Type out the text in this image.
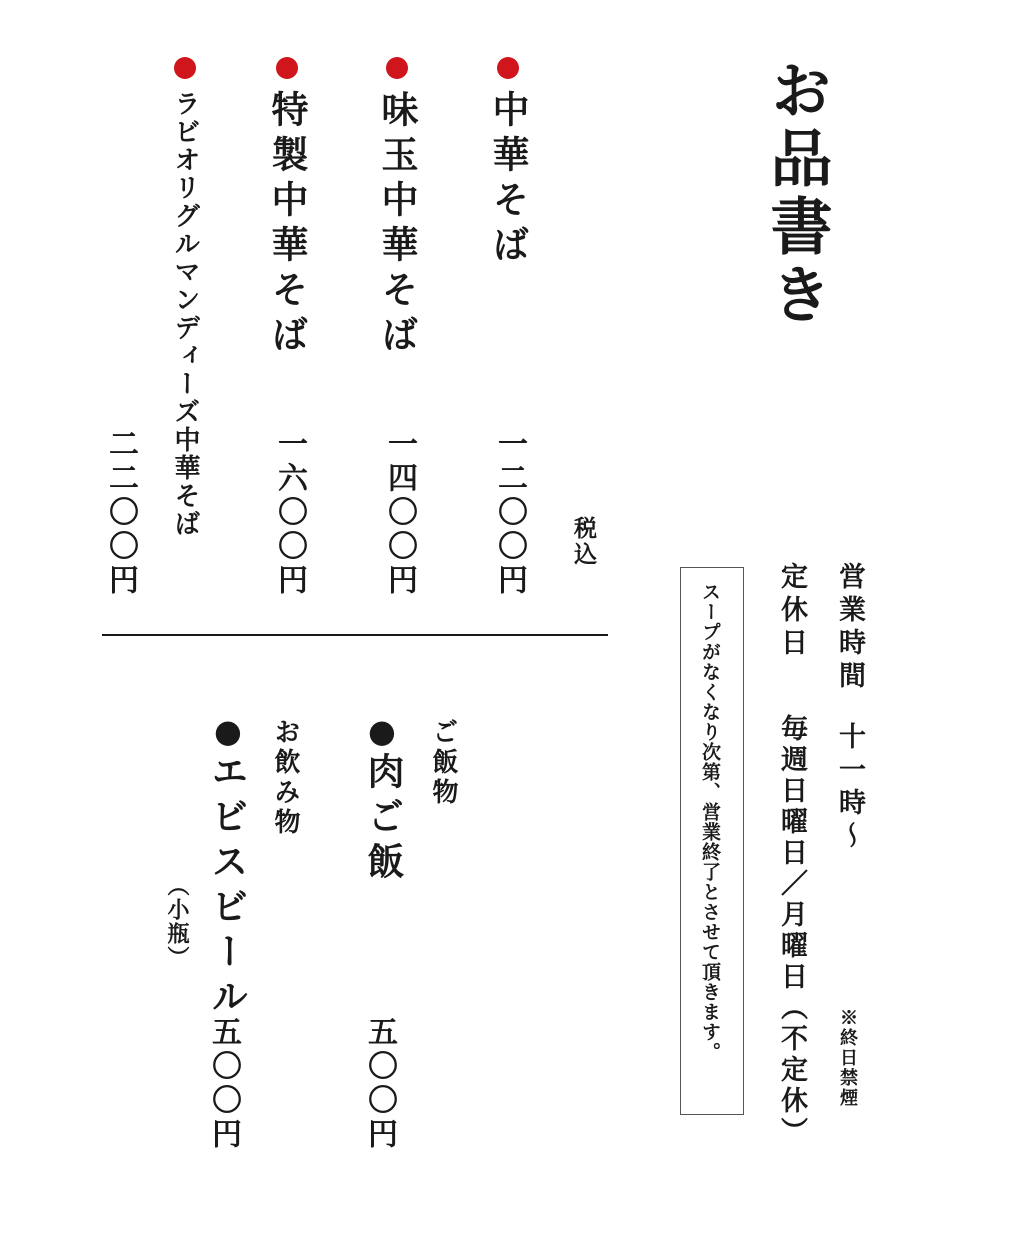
お品書き
営業時間
十一時〜
定休日
毎週日曜日／月曜日（不定休） ※終日禁煙
スープがなくなり次第、営業終了とさせて頂きます。
税込
中華そば
一二〇〇円
味玉中華そば
一四〇〇円
特製中華そば
一六〇〇円
ラビオリグルマンディーズ中華そば
二二〇〇円
ご飯物
●
肉ご飯
五〇〇円
お飲み物
●
エビスビール
（小瓶）
五〇〇円
